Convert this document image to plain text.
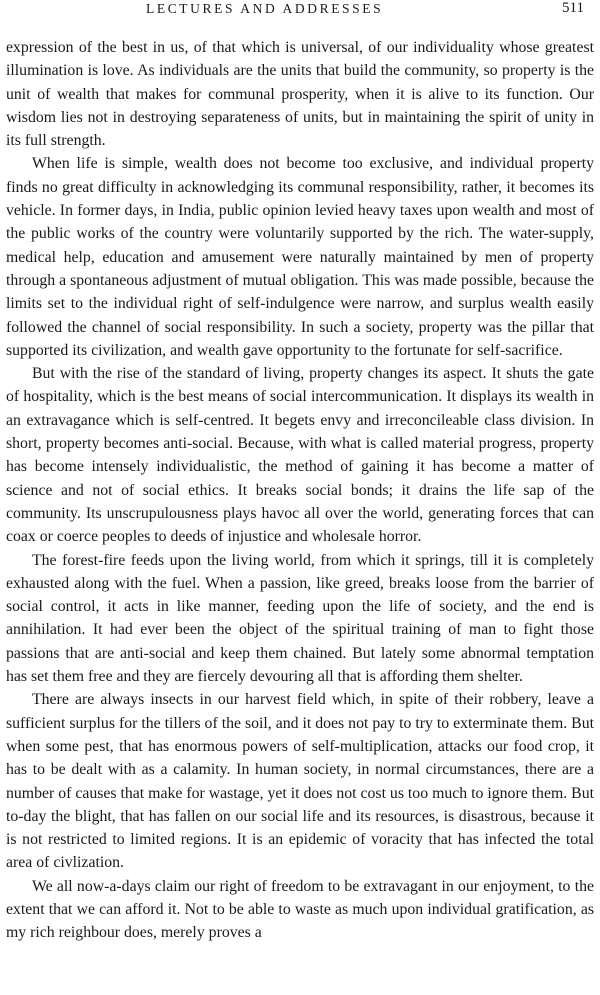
LECTURES AND ADDRESSES	511

expression of the best in us, of that which is universal, of our individuality whose greatest illumination is love. As individuals are the units that build the community, so property is the unit of wealth that makes for communal prosperity, when it is alive to its function. Our wisdom lies not in destroying separateness of units, but in maintaining the spirit of unity in its full strength.

When life is simple, wealth does not become too exclusive, and individual property finds no great difficulty in acknowledging its communal responsibility, rather, it becomes its vehicle. In former days, in India, public opinion levied heavy taxes upon wealth and most of the public works of the country were voluntarily supported by the rich. The water-supply, medical help, education and amusement were naturally maintained by men of property through a spontaneous adjustment of mutual obligation. This was made possible, because the limits set to the individual right of self-indulgence were narrow, and surplus wealth easily followed the channel of social responsibility. In such a society, property was the pillar that supported its civilization, and wealth gave opportunity to the fortunate for self-sacrifice.

But with the rise of the standard of living, property changes its aspect. It shuts the gate of hospitality, which is the best means of social intercommunication. It displays its wealth in an extravagance which is self-centred. It begets envy and irreconcileable class division. In short, property becomes anti-social. Because, with what is called material progress, property has become intensely individualistic, the method of gaining it has become a matter of science and not of social ethics. It breaks social bonds; it drains the life sap of the community. Its unscrupulousness plays havoc all over the world, generating forces that can coax or coerce peoples to deeds of injustice and wholesale horror.

The forest-fire feeds upon the living world, from which it springs, till it is completely exhausted along with the fuel. When a passion, like greed, breaks loose from the barrier of social control, it acts in like manner, feeding upon the life of society, and the end is annihilation. It had ever been the object of the spiritual training of man to fight those passions that are anti-social and keep them chained. But lately some abnormal temptation has set them free and they are fiercely devouring all that is affording them shelter.

There are always insects in our harvest field which, in spite of their robbery, leave a sufficient surplus for the tillers of the soil, and it does not pay to try to exterminate them. But when some pest, that has enormous powers of self-multiplication, attacks our food crop, it has to be dealt with as a calamity. In human society, in normal circumstances, there are a number of causes that make for wastage, yet it does not cost us too much to ignore them. But to-day the blight, that has fallen on our social life and its resources, is disastrous, because it is not restricted to limited regions. It is an epidemic of voracity that has infected the total area of civlization.

We all now-a-days claim our right of freedom to be extravagant in our enjoyment, to the extent that we can afford it. Not to be able to waste as much upon individual gratification, as my rich reighbour does, merely proves a
